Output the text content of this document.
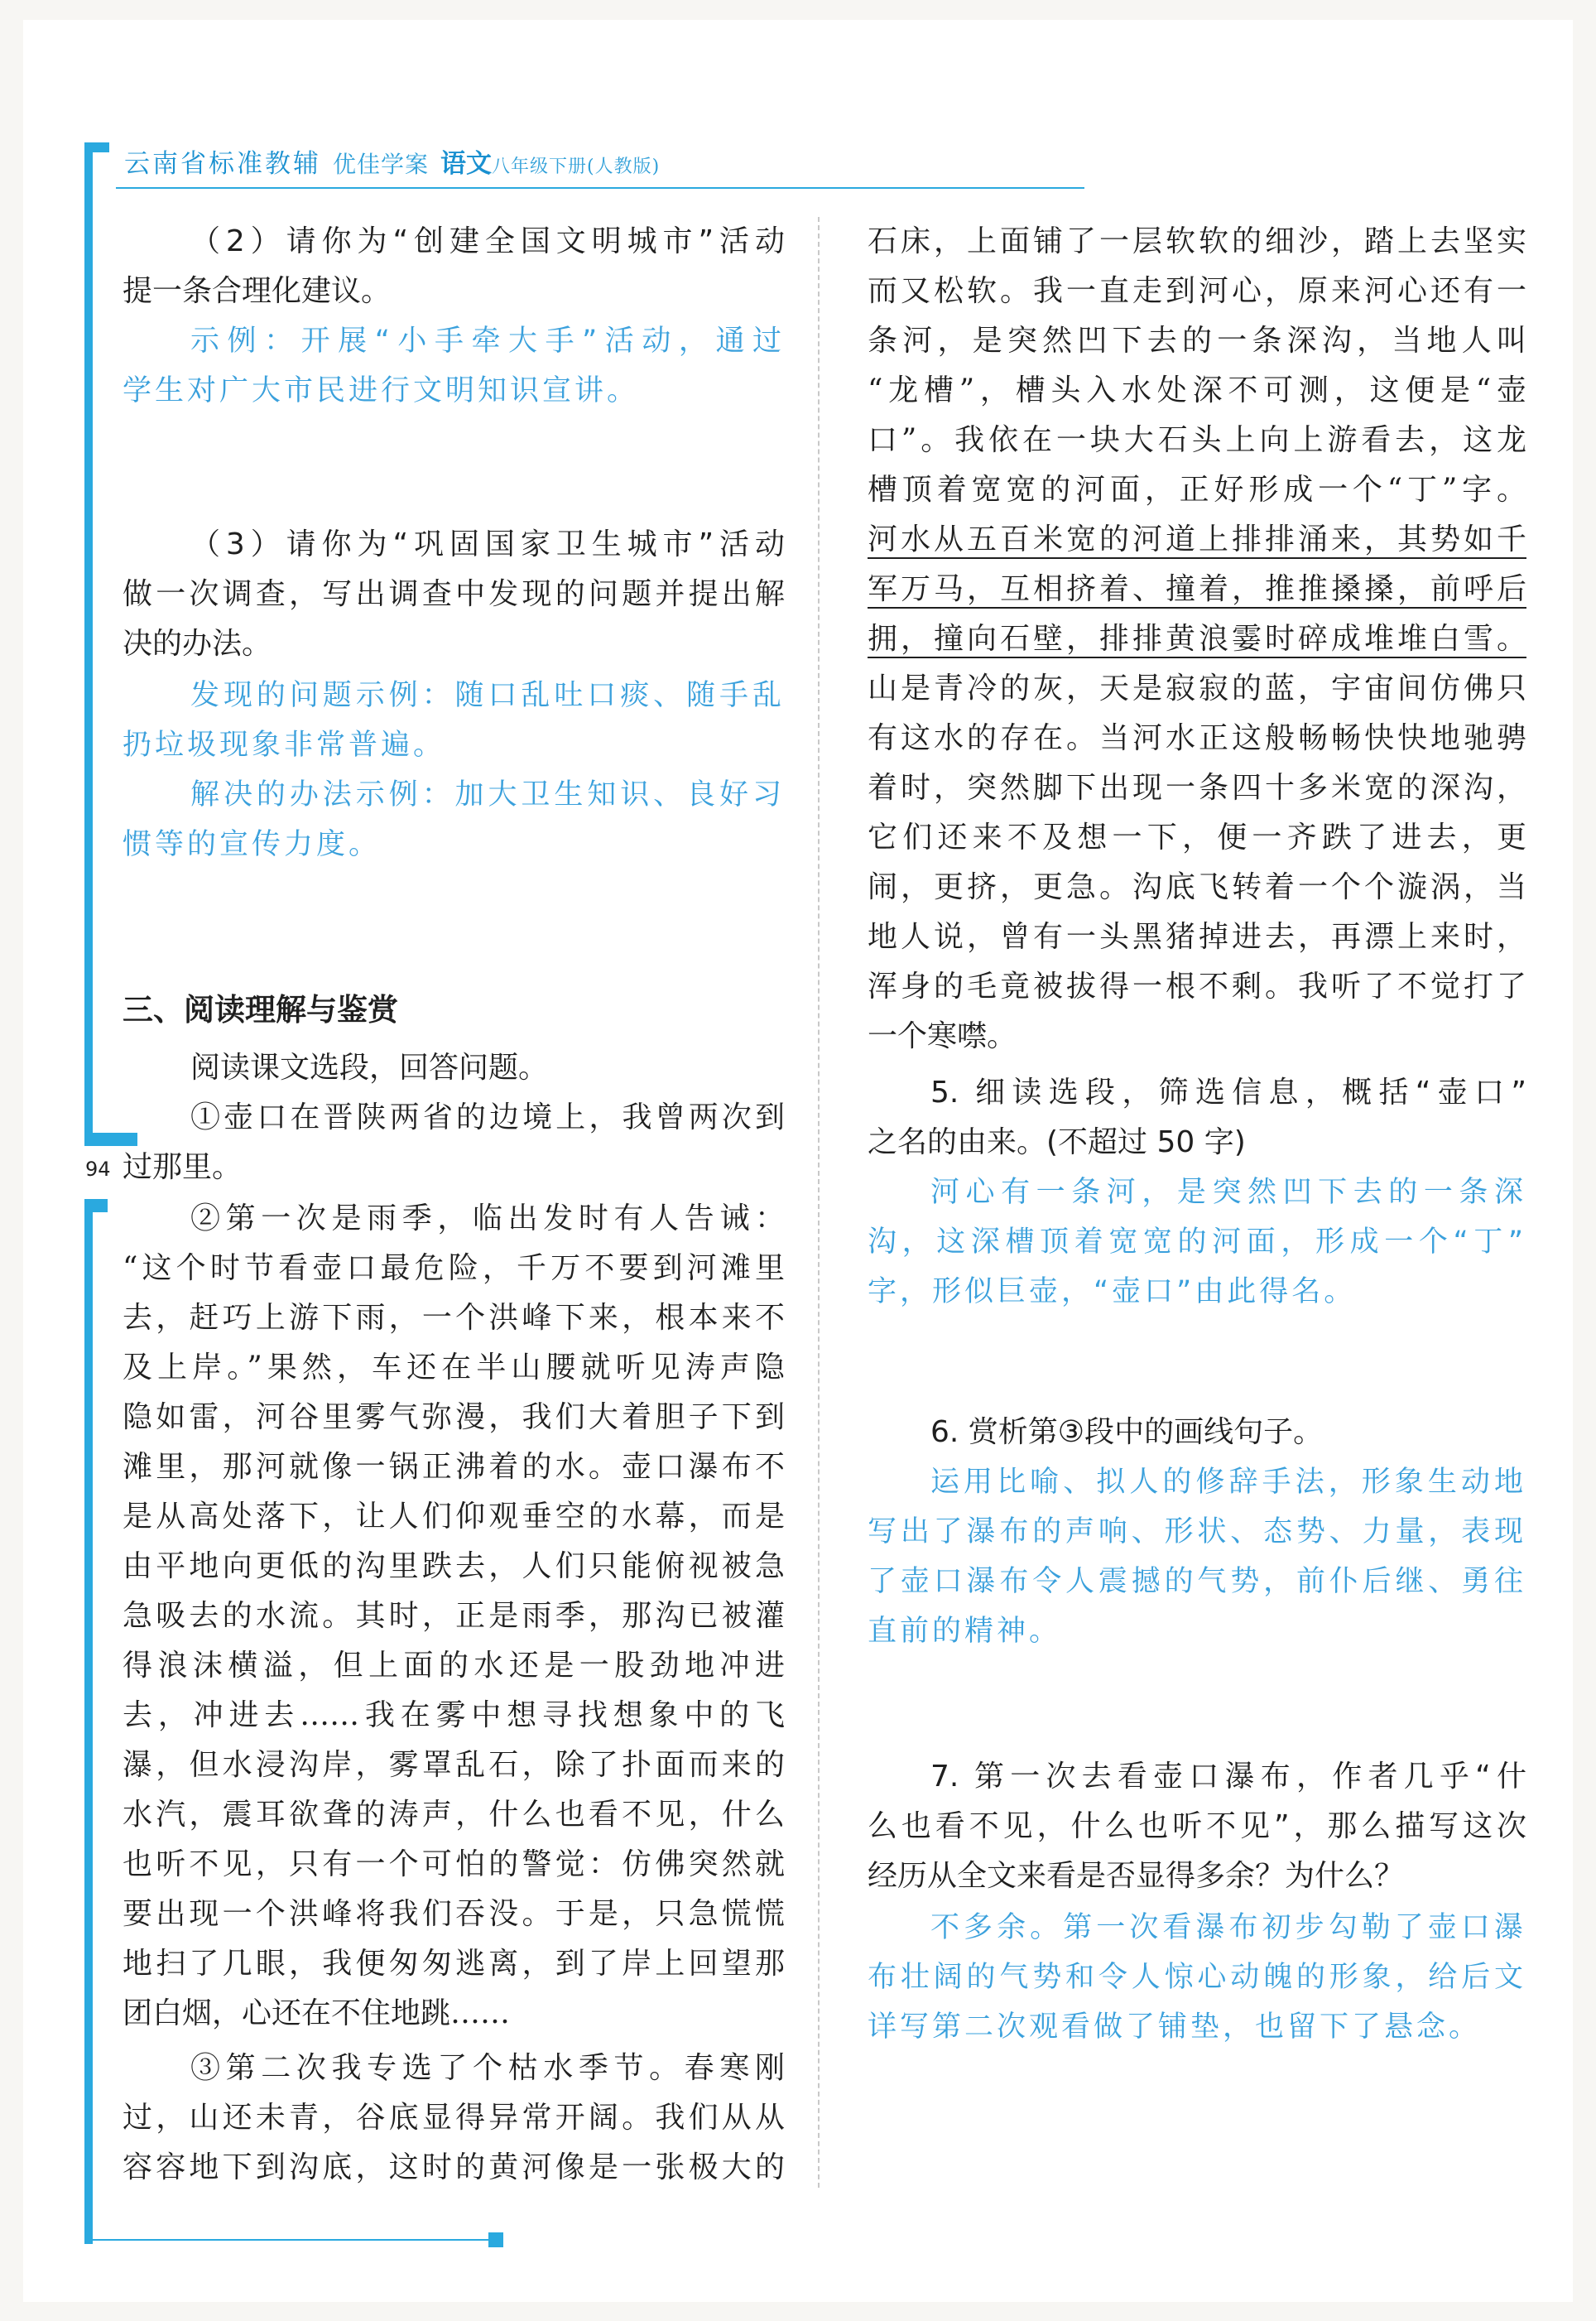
云南省标准教辅 优佳学案 语文八年级下册(人教版)
94
（2）请你为“创建全国文明城市”活动
提一条合理化建议。
示例：开展“小手牵大手”活动，通过
学生对广大市民进行文明知识宣讲。
（3）请你为“巩固国家卫生城市”活动
做一次调查，写出调查中发现的问题并提出解
决的办法。
发现的问题示例：随口乱吐口痰、随手乱
扔垃圾现象非常普遍。
解决的办法示例：加大卫生知识、良好习
惯等的宣传力度。
三、阅读理解与鉴赏
阅读课文选段，回答问题。
①壶口在晋陕两省的边境上，我曾两次到
过那里。
②第一次是雨季，临出发时有人告诫：
“这个时节看壶口最危险，千万不要到河滩里
去，赶巧上游下雨，一个洪峰下来，根本来不
及上岸。”果然，车还在半山腰就听见涛声隐
隐如雷，河谷里雾气弥漫，我们大着胆子下到
滩里，那河就像一锅正沸着的水。壶口瀑布不
是从高处落下，让人们仰观垂空的水幕，而是
由平地向更低的沟里跌去，人们只能俯视被急
急吸去的水流。其时，正是雨季，那沟已被灌
得浪沫横溢，但上面的水还是一股劲地冲进
去，冲进去……我在雾中想寻找想象中的飞
瀑，但水浸沟岸，雾罩乱石，除了扑面而来的
水汽，震耳欲聋的涛声，什么也看不见，什么
也听不见，只有一个可怕的警觉：仿佛突然就
要出现一个洪峰将我们吞没。于是，只急慌慌
地扫了几眼，我便匆匆逃离，到了岸上回望那
团白烟，心还在不住地跳……
③第二次我专选了个枯水季节。春寒刚
过，山还未青，谷底显得异常开阔。我们从从
容容地下到沟底，这时的黄河像是一张极大的
石床，上面铺了一层软软的细沙，踏上去坚实
而又松软。我一直走到河心，原来河心还有一
条河，是突然凹下去的一条深沟，当地人叫
“龙槽”，槽头入水处深不可测，这便是“壶
口”。我依在一块大石头上向上游看去，这龙
槽顶着宽宽的河面，正好形成一个“丁”字。
河水从五百米宽的河道上排排涌来，其势如千
军万马，互相挤着、撞着，推推搡搡，前呼后
拥，撞向石壁，排排黄浪霎时碎成堆堆白雪。
山是青冷的灰，天是寂寂的蓝，宇宙间仿佛只
有这水的存在。当河水正这般畅畅快快地驰骋
着时，突然脚下出现一条四十多米宽的深沟，
它们还来不及想一下，便一齐跌了进去，更
闹，更挤，更急。沟底飞转着一个个漩涡，当
地人说，曾有一头黑猪掉进去，再漂上来时，
浑身的毛竟被拔得一根不剩。我听了不觉打了
一个寒噤。
5. 细读选段，筛选信息，概括“壶口”
之名的由来。(不超过 50 字)
河心有一条河，是突然凹下去的一条深
沟，这深槽顶着宽宽的河面，形成一个“丁”
字，形似巨壶，“壶口”由此得名。
6. 赏析第③段中的画线句子。
运用比喻、拟人的修辞手法，形象生动地
写出了瀑布的声响、形状、态势、力量，表现
了壶口瀑布令人震撼的气势，前仆后继、勇往
直前的精神。
7. 第一次去看壶口瀑布，作者几乎“什
么也看不见，什么也听不见”，那么描写这次
经历从全文来看是否显得多余？为什么？
不多余。第一次看瀑布初步勾勒了壶口瀑
布壮阔的气势和令人惊心动魄的形象，给后文
详写第二次观看做了铺垫，也留下了悬念。
